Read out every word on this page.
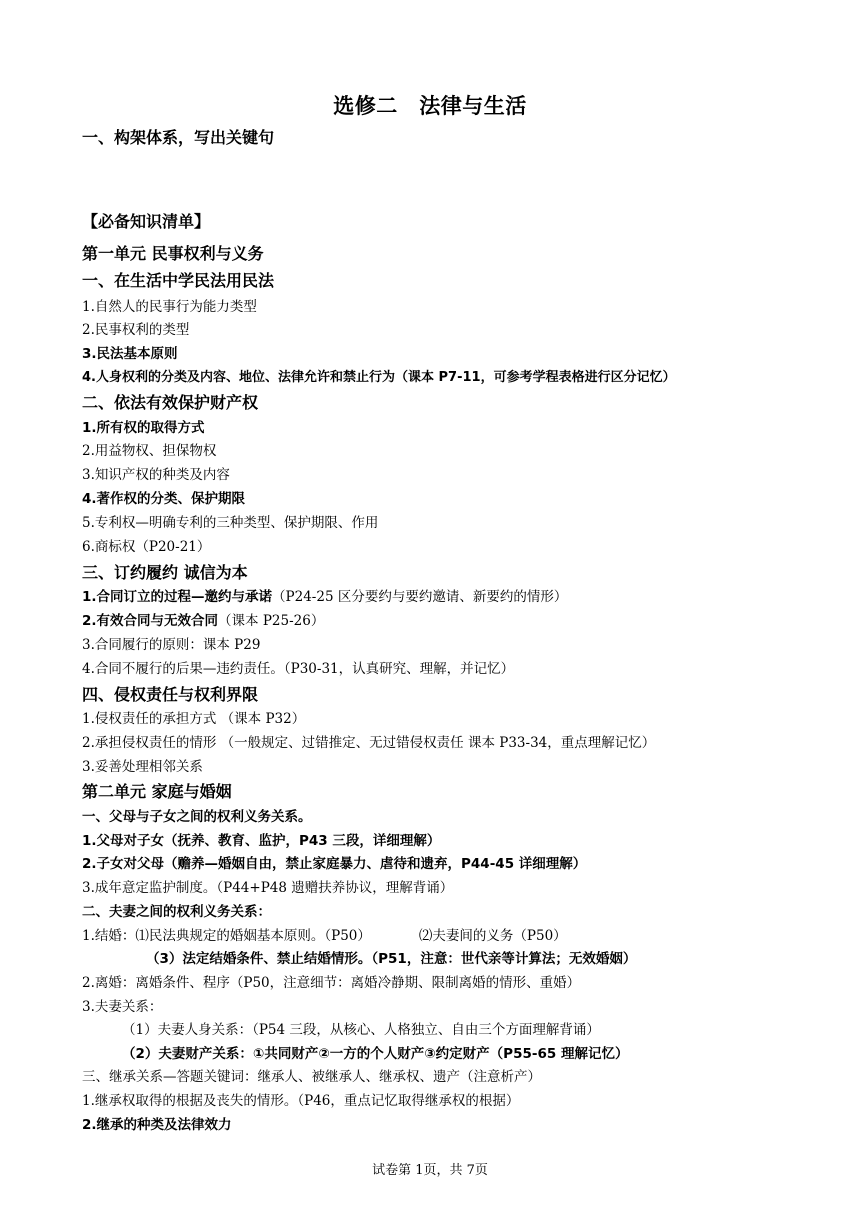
选修二　法律与生活
一、构架体系，写出关键句
【必备知识清单】
第一单元 民事权利与义务
一、在生活中学民法用民法
1.自然人的民事行为能力类型
2.民事权利的类型
3.民法基本原则
4.人身权利的分类及内容、地位、法律允许和禁止行为（课本 P7-11，可参考学程表格进行区分记忆）
二、依法有效保护财产权
1.所有权的取得方式
2.用益物权、担保物权
3.知识产权的种类及内容
4.著作权的分类、保护期限
5.专利权—明确专利的三种类型、保护期限、作用
6.商标权（P20-21）
三、订约履约 诚信为本
1.合同订立的过程—邀约与承诺（P24-25 区分要约与要约邀请、新要约的情形）
2.有效合同与无效合同（课本 P25-26）
3.合同履行的原则：课本 P29
4.合同不履行的后果—违约责任。（P30-31，认真研究、理解，并记忆）
四、侵权责任与权利界限
1.侵权责任的承担方式 （课本 P32）
2.承担侵权责任的情形 （一般规定、过错推定、无过错侵权责任 课本 P33-34，重点理解记忆）
3.妥善处理相邻关系
第二单元 家庭与婚姻
一、父母与子女之间的权利义务关系。
1.父母对子女（抚养、教育、监护，P43 三段，详细理解）
2.子女对父母（赡养—婚姻自由，禁止家庭暴力、虐待和遗弃，P44-45 详细理解）
3.成年意定监护制度。（P44+P48 遗赠扶养协议，理解背诵）
二、夫妻之间的权利义务关系：
1.结婚：⑴民法典规定的婚姻基本原则。（P50）	⑵夫妻间的义务（P50）
（3）法定结婚条件、禁止结婚情形。（P51，注意：世代亲等计算法；无效婚姻）
2.离婚：离婚条件、程序（P50，注意细节：离婚冷静期、限制离婚的情形、重婚）
3.夫妻关系：
（1）夫妻人身关系：（P54 三段，从核心、人格独立、自由三个方面理解背诵）
（2）夫妻财产关系：①共同财产②一方的个人财产③约定财产（P55-65 理解记忆）
三、继承关系—答题关键词：继承人、被继承人、继承权、遗产（注意析产）
1.继承权取得的根据及丧失的情形。（P46，重点记忆取得继承权的根据）
2.继承的种类及法律效力
试卷第 1页，共 7页
